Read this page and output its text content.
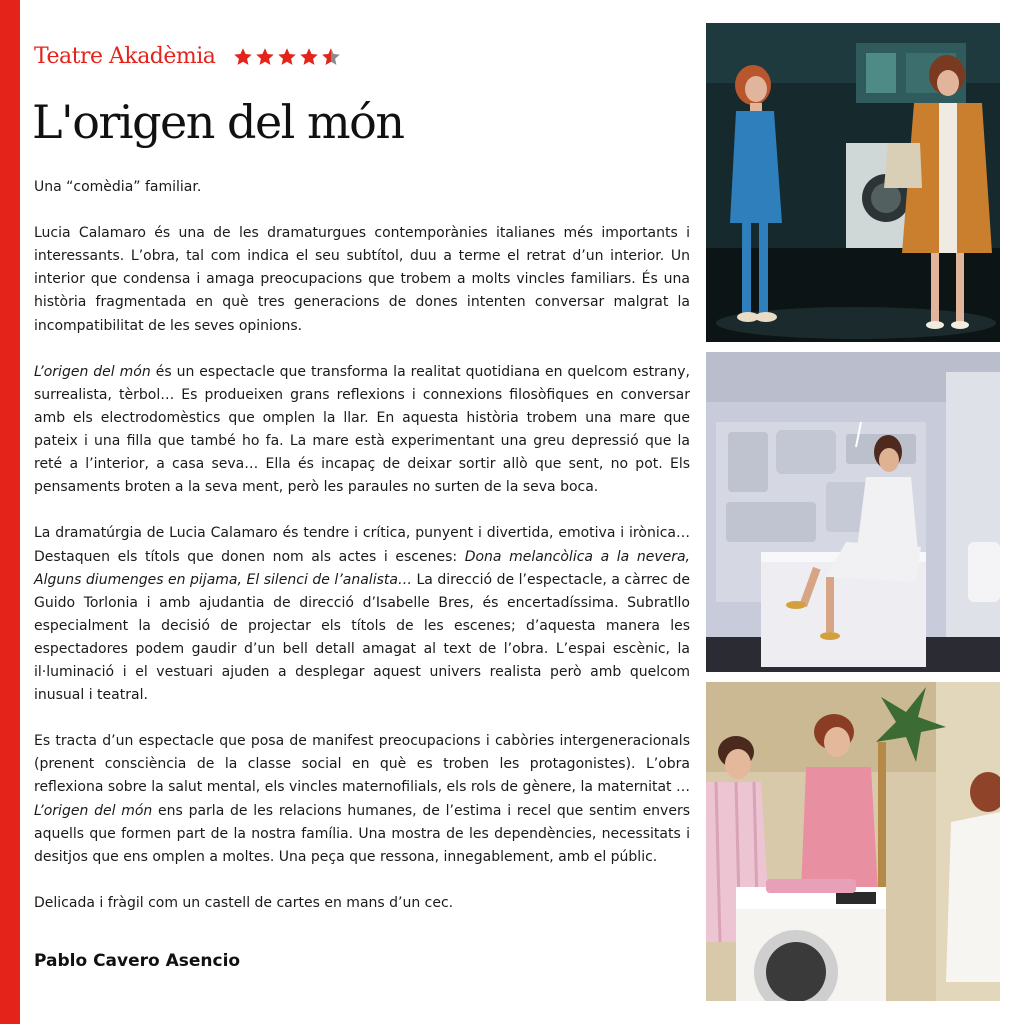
Teatre Akadèmia
L'origen del món

Una “comèdia” familiar.

Lucia Calamaro és una de les dramaturgues contemporànies italianes més importants i interessants. L’obra, tal com indica el seu subtítol, duu a terme el retrat d’un interior. Un interior que condensa i amaga preocupacions que trobem a molts vincles familiars. És una història fragmentada en què tres generacions de dones intenten conversar malgrat la incompatibilitat de les seves opinions.

L’origen del món és un espectacle que transforma la realitat quotidiana en quelcom estrany, surrealista, tèrbol… Es produeixen grans reflexions i connexions filosòfiques en conversar amb els electrodomèstics que omplen la llar. En aquesta història trobem una mare que pateix i una filla que també ho fa. La mare està experimentant una greu depressió que la reté a l’interior, a casa seva… Ella és incapaç de deixar sortir allò que sent, no pot. Els pensaments broten a la seva ment, però les paraules no surten de la seva boca.

La dramatúrgia de Lucia Calamaro és tendre i crítica, punyent i divertida, emotiva i irònica… Destaquen els títols que donen nom als actes i escenes: Dona melancòlica a la nevera, Alguns diumenges en pijama, El silenci de l’analista… La direcció de l’espectacle, a càrrec de Guido Torlonia i amb ajudantia de direcció d’Isabelle Bres, és encertadíssima. Subratllo especialment la decisió de projectar els títols de les escenes; d’aquesta manera les espectadores podem gaudir d’un bell detall amagat al text de l’obra. L’espai escènic, la il·luminació i el vestuari ajuden a desplegar aquest univers realista però amb quelcom inusual i teatral.

Es tracta d’un espectacle que posa de manifest preocupacions i cabòries intergeneracionals (prenent consciència de la classe social en què es troben les protagonistes). L’obra reflexiona sobre la salut mental, els vincles maternofilials, els rols de gènere, la maternitat … L’origen del món ens parla de les relacions humanes, de l’estima i recel que sentim envers aquells que formen part de la nostra família. Una mostra de les dependències, necessitats i desitjos que ens omplen a moltes. Una peça que ressona, innegablement, amb el públic.

Delicada i fràgil com un castell de cartes en mans d’un cec.

Pablo Cavero Asencio
